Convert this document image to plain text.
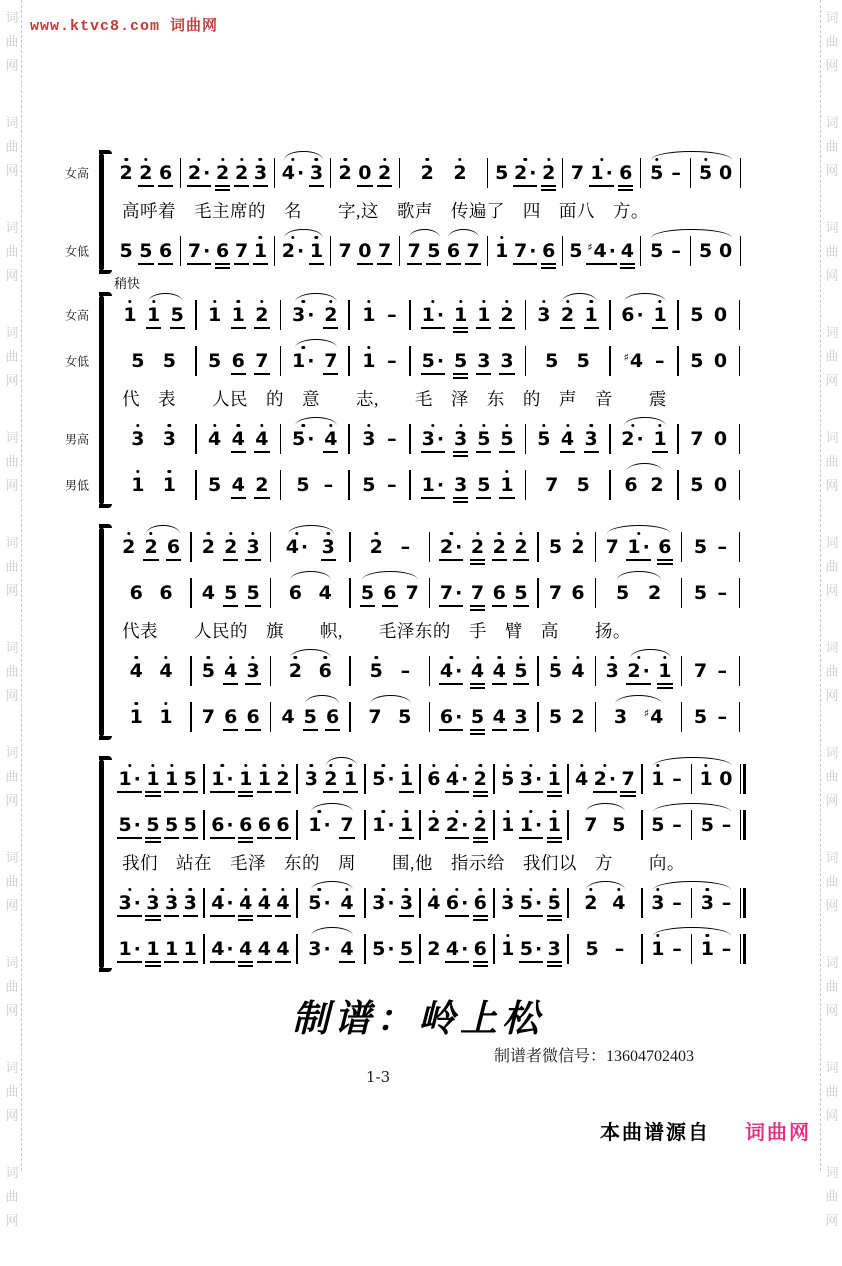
www.ktvc8.com 词曲网
词
曲
网
词
曲
网
词
曲
网
词
曲
网
词
曲
网
词
曲
网
词
曲
网
词
曲
网
词
曲
网
词
曲
网
词
曲
网
词
曲
网
词
曲
网
词
曲
网
词
曲
网
词
曲
网
词
曲
网
词
曲
网
词
曲
网
词
曲
网
词
曲
网
词
曲
网
词
曲
网
词
曲
网
女高	2 2 6 2 · 2 2 3 4 · 3 2 0 2 2 2 5 2 · 2 7 1 · 6 5 – 5 0
高呼着　毛主席的　名　　字,这　歌声　传遍了　四　面八　方。
女低	5 5 6 7 · 6 7 1 2 · 1 7 0 7 7 5 6 7 1 7 · 6 5 ♯ 4 · 4 5 – 5 0
稍快
女高	1 1 5 1 1 2 3 · 2 1 – 1 · 1 1 2 3 2 1 6 · 1 5 0
女低	5 5 5 6 7 1 · 7 1 – 5 · 5 3 3 5 5	♯ 4 – 5 0
代　表　　人民　的　意　　志,　　毛　泽　东　的　声　音　　震
男高	3 3 4 4 4 5 · 4 3 – 3 · 3 5 5 5 4 3 2 · 1 7 0
男低	1 1 5 4 2 5 – 5 – 1 · 3 5 1 7 5 6 2 5 0
2 2 6 2 2 3 4 · 3 2 – 2 · 2 2 2 5 2 7 1 · 6 5 –
6 6 4 5 5 6 4 5 6 7 7 · 7 6 5 7 6 5 2 5 –
代表　　人民的　旗　　帜,　　毛泽东的　手　臂　高　　扬。
4 4 5 4 3 2 6 5 – 4 · 4 4 5 5 4 3 2 · 1 7 –
1 1 7 6 6 4 5 6 7 5 6 · 5 4 3 5 2 3 ♯ 4 5 –
1 · 1 1 5 1 · 1 1 2 3 2 1 5 · 1 6 4 · 2 5 3 · 1 4 2 · 7 1 – 1 0
5 · 5 5 5 6 · 6 6 6 1 · 7 1 · 1 2 2 · 2 1 1 · 1 7 5 5 – 5 –
我们　站在　毛泽　东的　周　　围,他　指示给　我们以　方　　向。
3 · 3 3 3 4 · 4 4 4 5 · 4 3 · 3 4 6 · 6 3 5 · 5 2 4 3 – 3 –
1 · 1 1 1 4 · 4 4 4 3 · 4 5 · 5 2 4 · 6 1 5 · 3 5 – 1 – 1 –
制谱：岭上松
制谱者微信号：13604702403
1-3
本曲谱源自 词曲网
